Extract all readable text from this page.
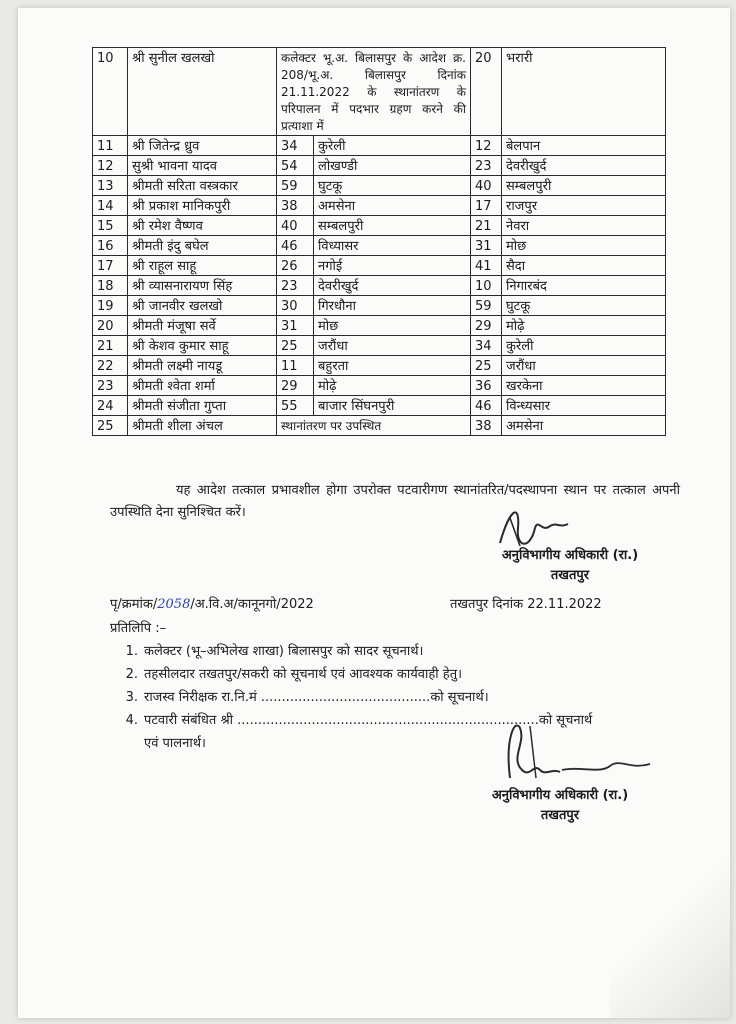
10	श्री सुनील खलखो	कलेक्टर भू.अ. बिलासपुर के आदेश क्र. 208/भू.अ. बिलासपुर दिनांक 21.11.2022 के स्थानांतरण के परिपालन में पदभार ग्रहण करने की प्रत्याशा में		20	भरारी
11	श्री जितेन्द्र ध्रुव	34	कुरेली	12	बेलपान
12	सुश्री भावना यादव	54	लोखण्डी	23	देवरीखुर्द
13	श्रीमती सरिता वस्त्रकार	59	घुटकू	40	सम्बलपुरी
14	श्री प्रकाश मानिकपुरी	38	अमसेना	17	राजपुर
15	श्री रमेश वैष्णव	40	सम्बलपुरी	21	नेवरा
16	श्रीमती इंदु बघेल	46	विध्यासर	31	मोछ
17	श्री राहूल साहू	26	नगोई	41	सैदा
18	श्री व्यासनारायण सिंह	23	देवरीखुर्द	10	निगारबंद
19	श्री जानवीर खलखो	30	गिरधौना	59	घुटकू
20	श्रीमती मंजूषा सर्वे	31	मोछ	29	मोढ़े
21	श्री केशव कुमार साहू	25	जरौंधा	34	कुरेली
22	श्रीमती लक्ष्मी नायडू	11	बहुरता	25	जरौंधा
23	श्रीमती श्वेता शर्मा	29	मोढ़े	36	खरकेना
24	श्रीमती संजीता गुप्ता	55	बाजार सिंघनपुरी	46	विन्ध्यसार
25	श्रीमती शीला अंचल	स्थानांतरण पर उपस्थित		38	अमसेना
यह आदेश तत्काल प्रभावशील होगा उपरोक्त पटवारीगण स्थानांतरित/पदस्थापना स्थान पर तत्काल अपनी उपस्थिति देना सुनिश्चित करें।
अनुविभागीय अधिकारी (रा.)
तखतपुर
पृ/क्रमांक/2058/अ.वि.अ/कानूनगो/2022	तखतपुर दिनांक 22.11.2022
प्रतिलिपि :–
1. कलेक्टर (भू–अभिलेख शाखा) बिलासपुर को सादर सूचनार्थ।
2. तहसीलदार तखतपुर/सकरी को सूचनार्थ एवं आवश्यक कार्यवाही हेतु।
3. राजस्व निरीक्षक रा.नि.मं .........................................को सूचनार्थ।
4. पटवारी संबंधित श्री .........................................................................को सूचनार्थ
एवं पालनार्थ।
अनुविभागीय अधिकारी (रा.)
तखतपुर
